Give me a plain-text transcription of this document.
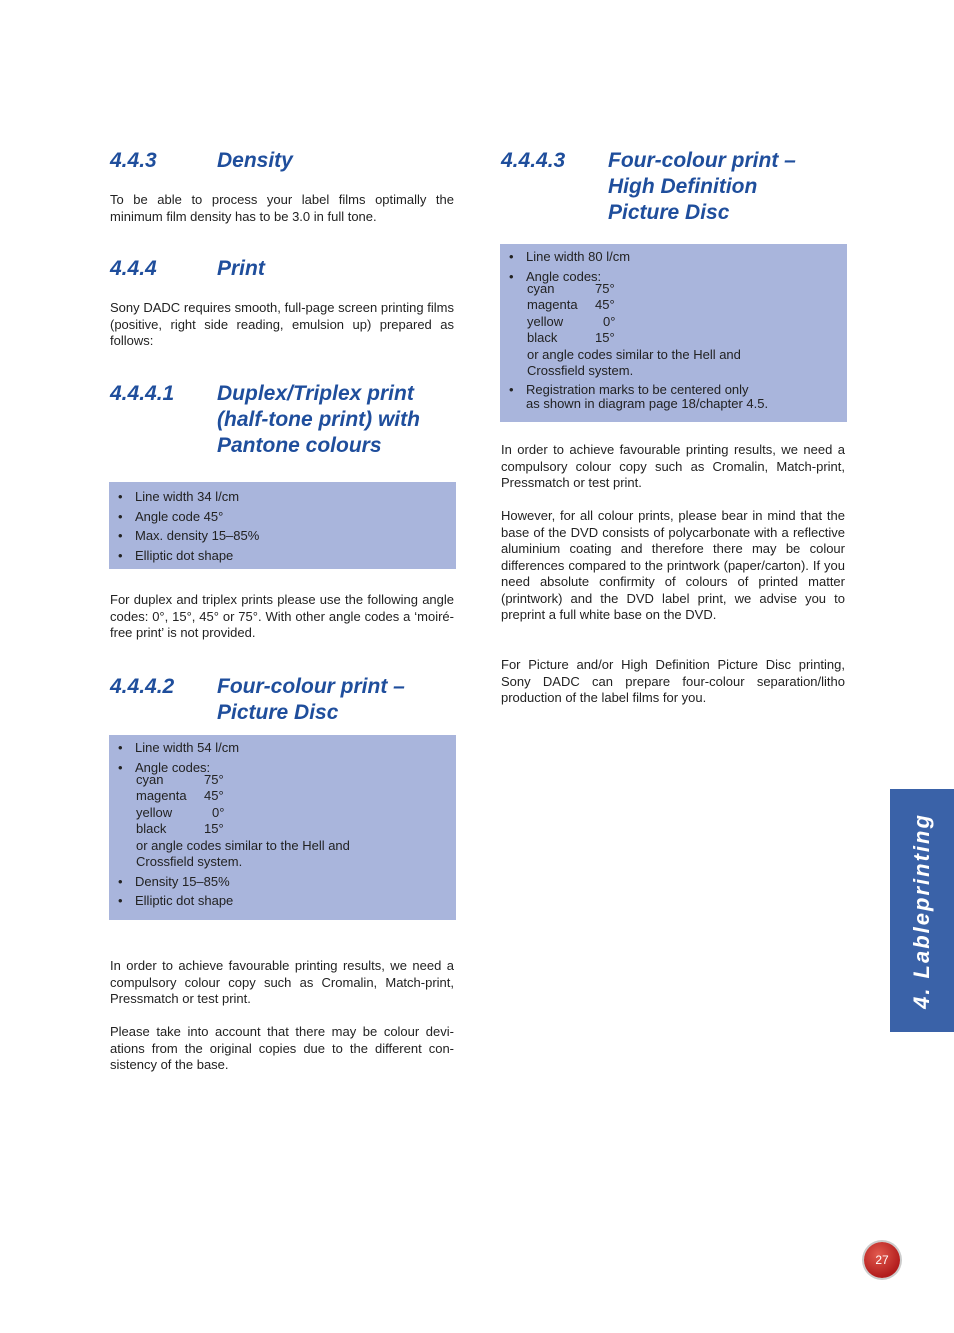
4.4.3	Density

To be able to process your label films optimally the minimum film density has to be 3.0 in full tone.

4.4.4	Print

Sony DADC requires smooth, full-page screen printing films (positive, right side reading, emulsion up) prepared as follows:

4.4.4.1 Duplex/Triplex print
(half-tone print) with
Pantone colours
• Line width 34 l/cm
• Angle code 45°
• Max. density 15–85%
• Elliptic dot shape

For duplex and triplex prints please use the following angle codes: 0°, 15°, 45° or 75°. With other angle codes a ‘moiré-free print’ is not provided.

4.4.4.2 Four-colour print –
Picture Disc
• Line width 54 l/cm
• Angle codes:
cyan	75°
magenta 45°
yellow	0°
black	15°
or angle codes similar to the Hell and
Crossfield system.
• Density 15–85%
• Elliptic dot shape

In order to achieve favourable printing results, we need a compulsory colour copy such as Cromalin, Match-print, Pressmatch or test print.

Please take into account that there may be colour devi-ations from the original copies due to the different con-sistency of the base.

4.4.4.3 Four-colour print –
High Definition
Picture Disc
• Line width 80 l/cm
• Angle codes:
cyan	75°
magenta 45°
yellow	0°
black	15°
or angle codes similar to the Hell and
Crossfield system.
• Registration marks to be centered only
as shown in diagram page 18/chapter 4.5.

In order to achieve favourable printing results, we need a compulsory colour copy such as Cromalin, Match-print, Pressmatch or test print.

However, for all colour prints, please bear in mind that the base of the DVD consists of polycarbonate with a reflective aluminium coating and therefore there may be colour differences compared to the printwork (paper/carton). If you need absolute confirmity of colours of printed matter (printwork) and the DVD label print, we advise you to preprint a full white base on the DVD.

For Picture and/or High Definition Picture Disc printing, Sony DADC can prepare four-colour separation/litho production of the label films for you.

4. Lableprinting
27
